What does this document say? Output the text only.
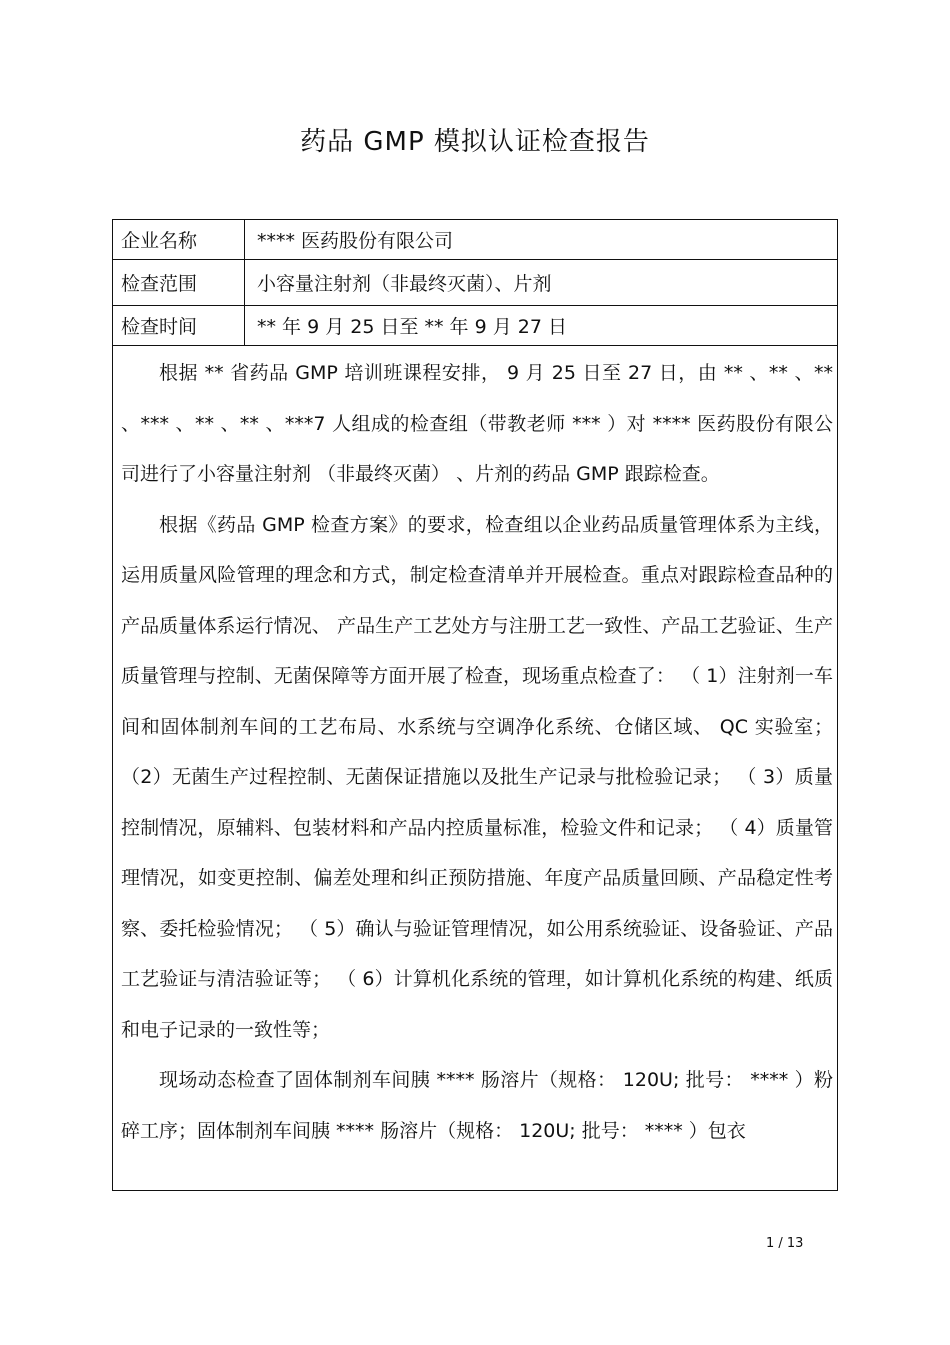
药品 GMP 模拟认证检查报告
企业名称	**** 医药股份有限公司
检查范围	小容量注射剂（非最终灭菌）、片剂
检查时间	** 年 9 月 25 日至 ** 年 9 月 27 日

根据 ** 省药品 GMP 培训班课程安排， 9 月 25 日至 27 日，由 ** 、** 、** 、*** 、** 、** 、***7 人组成的检查组（带教老师 *** ）对 **** 医药股份有限公司进行了小容量注射剂 （非最终灭菌） 、片剂的药品 GMP 跟踪检查。

根据《药品 GMP 检查方案》的要求，检查组以企业药品质量管理体系为主线，运用质量风险管理的理念和方式，制定检查清单并开展检查。重点对跟踪检查品种的产品质量体系运行情况、 产品生产工艺处方与注册工艺一致性、产品工艺验证、生产质量管理与控制、无菌保障等方面开展了检查，现场重点检查了： （ 1）注射剂一车间和固体制剂车间的工艺布局、水系统与空调净化系统、仓储区域、 QC 实验室； （2）无菌生产过程控制、无菌保证措施以及批生产记录与批检验记录； （ 3）质量控制情况，原辅料、包装材料和产品内控质量标准，检验文件和记录； （ 4）质量管理情况，如变更控制、偏差处理和纠正预防措施、年度产品质量回顾、产品稳定性考察、委托检验情况； （ 5）确认与验证管理情况，如公用系统验证、设备验证、产品工艺验证与清洁验证等； （ 6）计算机化系统的管理，如计算机化系统的构建、纸质和电子记录的一致性等；

现场动态检查了固体制剂车间胰 **** 肠溶片（规格： 120U; 批号： **** ）粉碎工序；固体制剂车间胰 **** 肠溶片（规格： 120U; 批号： **** ）包衣

1 / 13
